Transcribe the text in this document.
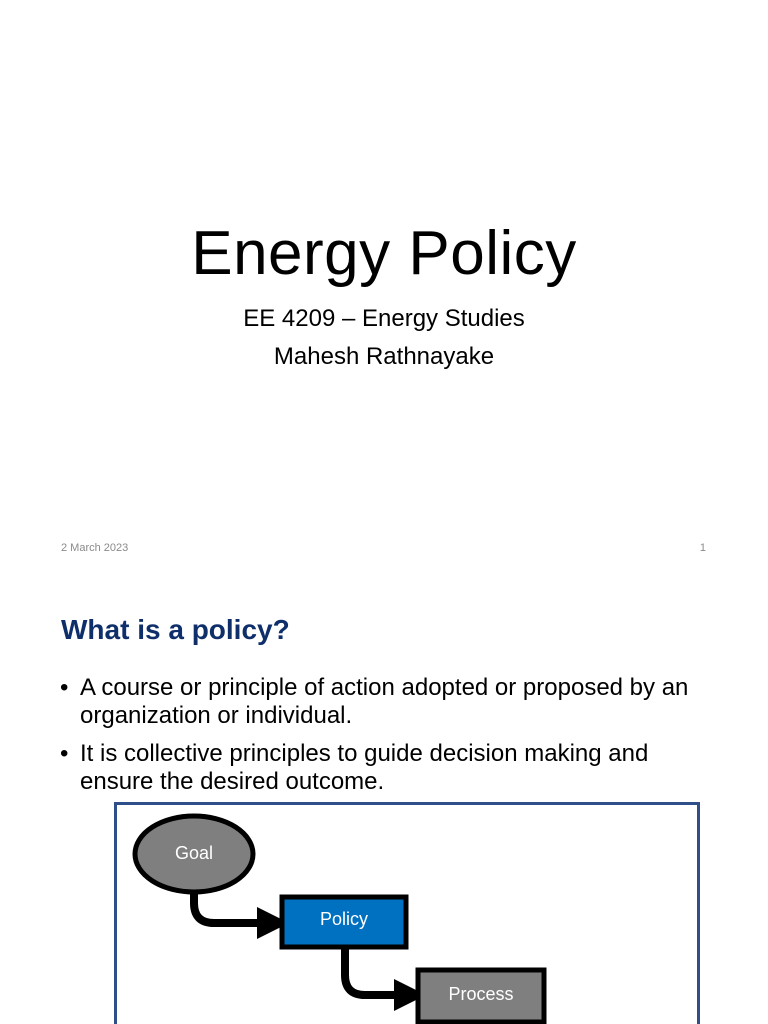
Energy Policy
EE 4209 – Energy Studies
Mahesh Rathnayake
2 March 2023	1
What is a policy?
• A course or principle of action adopted or proposed by an organization or individual.
• It is collective principles to guide decision making and ensure the desired outcome.
Goal
Policy
Process
